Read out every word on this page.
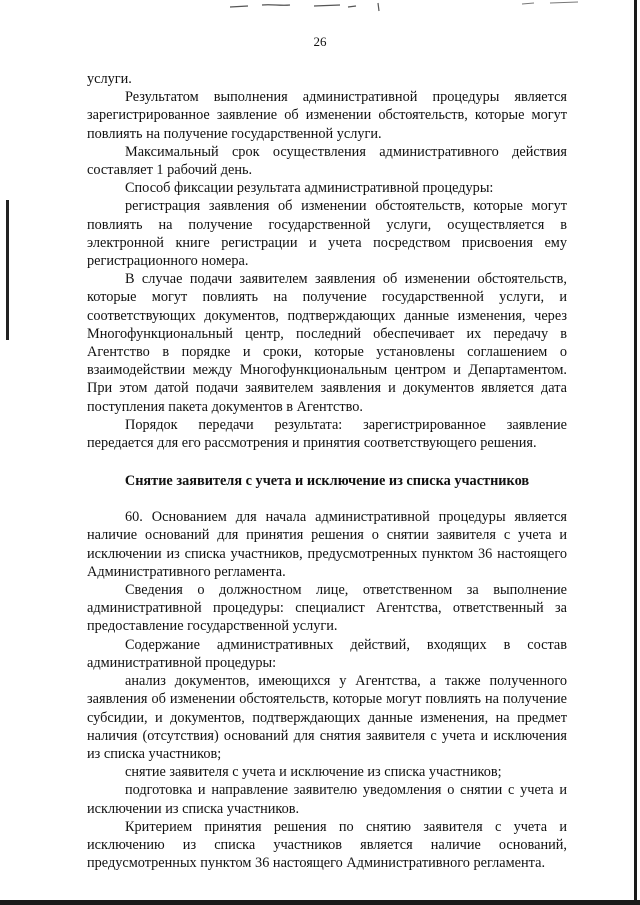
26

услуги.

Результатом выполнения административной процедуры является зарегистрированное заявление об изменении обстоятельств, которые могут повлиять на получение государственной услуги.

Максимальный срок осуществления административного действия составляет 1 рабочий день.

Способ фиксации результата административной процедуры:

регистрация заявления об изменении обстоятельств, которые могут повлиять на получение государственной услуги, осуществляется в электронной книге регистрации и учета посредством присвоения ему регистрационного номера.

В случае подачи заявителем заявления об изменении обстоятельств, которые могут повлиять на получение государственной услуги, и соответствующих документов, подтверждающих данные изменения, через Многофункциональный центр, последний обеспечивает их передачу в Агентство в порядке и сроки, которые установлены соглашением о взаимодействии между Многофункциональным центром и Департаментом. При этом датой подачи заявителем заявления и документов является дата поступления пакета документов в Агентство.

Порядок передачи результата: зарегистрированное заявление передается для его рассмотрения и принятия соответствующего решения.

Снятие заявителя с учета и исключение из списка участников

60. Основанием для начала административной процедуры является наличие оснований для принятия решения о снятии заявителя с учета и исключении из списка участников, предусмотренных пунктом 36 настоящего Административного регламента.

Сведения о должностном лице, ответственном за выполнение административной процедуры: специалист Агентства, ответственный за предоставление государственной услуги.

Содержание административных действий, входящих в состав административной процедуры:

анализ документов, имеющихся у Агентства, а также полученного заявления об изменении обстоятельств, которые могут повлиять на получение субсидии, и документов, подтверждающих данные изменения, на предмет наличия (отсутствия) оснований для снятия заявителя с учета и исключения из списка участников;

снятие заявителя с учета и исключение из списка участников;

подготовка и направление заявителю уведомления о снятии с учета и исключении из списка участников.

Критерием принятия решения по снятию заявителя с учета и исключению из списка участников является наличие оснований, предусмотренных пунктом 36 настоящего Административного регламента.
